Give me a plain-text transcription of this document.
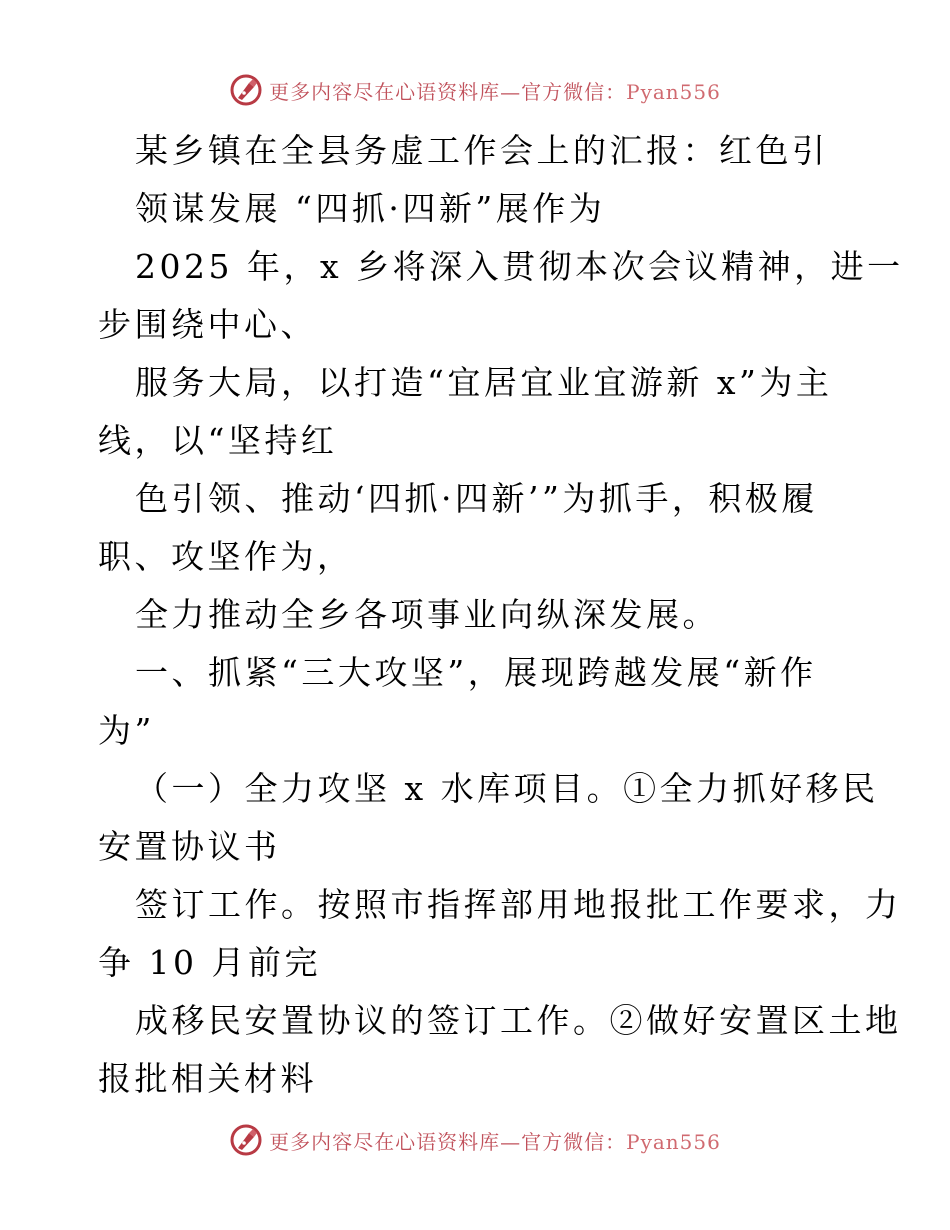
更多内容尽在心语资料库—官方微信：Pyan556
某乡镇在全县务虚工作会上的汇报：红色引
领谋发展 “四抓·四新”展作为
2025 年，x 乡将深入贯彻本次会议精神，进一
步围绕中心、
服务大局，以打造“宜居宜业宜游新 x”为主
线，以“坚持红
色引领、推动‘四抓·四新’”为抓手，积极履
职、攻坚作为，
全力推动全乡各项事业向纵深发展。
一、抓紧“三大攻坚”，展现跨越发展“新作
为”
（一）全力攻坚 x 水库项目。①全力抓好移民
安置协议书
签订工作。按照市指挥部用地报批工作要求，力
争 10 月前完
成移民安置协议的签订工作。②做好安置区土地
报批相关材料
更多内容尽在心语资料库—官方微信：Pyan556
